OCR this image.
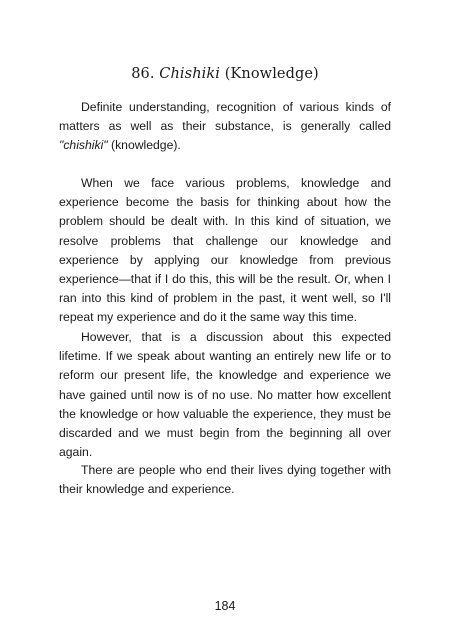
86. Chishiki (Knowledge)

Definite understanding, recognition of various kinds of matters as well as their substance, is generally called "chishiki" (knowledge).

When we face various problems, knowledge and experience become the basis for thinking about how the problem should be dealt with. In this kind of situation, we resolve problems that challenge our knowledge and experience by applying our knowledge from previous experience—that if I do this, this will be the result. Or, when I ran into this kind of problem in the past, it went well, so I'll repeat my experience and do it the same way this time.

However, that is a discussion about this expected lifetime. If we speak about wanting an entirely new life or to reform our present life, the knowledge and experience we have gained until now is of no use. No matter how excellent the knowledge or how valuable the experience, they must be discarded and we must begin from the beginning all over again.

There are people who end their lives dying together with their knowledge and experience.

184
